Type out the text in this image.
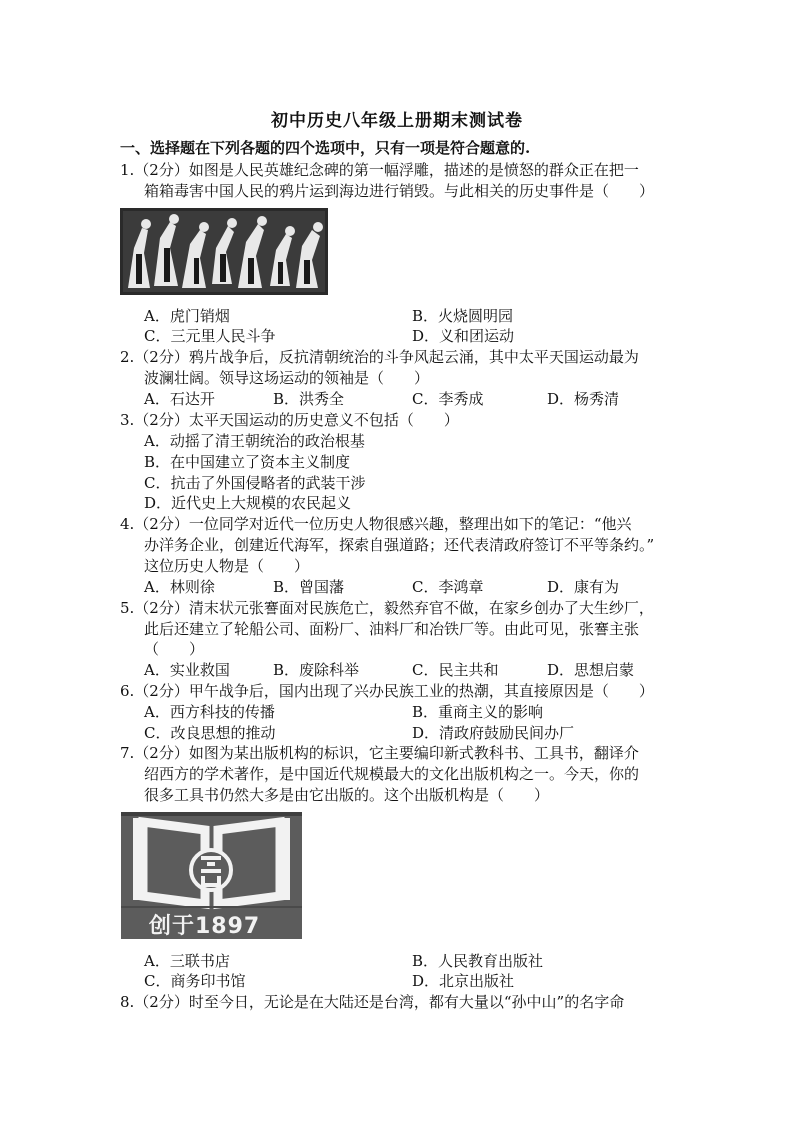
初中历史八年级上册期末测试卷
一、选择题在下列各题的四个选项中，只有一项是符合题意的.
1.（2分）如图是人民英雄纪念碑的第一幅浮雕，描述的是愤怒的群众正在把一
箱箱毒害中国人民的鸦片运到海边进行销毁。与此相关的历史事件是（　　）
A．虎门销烟	B．火烧圆明园
C．三元里人民斗争	D．义和团运动
2.（2分）鸦片战争后，反抗清朝统治的斗争风起云涌，其中太平天国运动最为
波澜壮阔。领导这场运动的领袖是（　　）
A．石达开	B．洪秀全	C．李秀成	D．杨秀清
3.（2分）太平天国运动的历史意义不包括（　　）
A．动摇了清王朝统治的政治根基
B．在中国建立了资本主义制度
C．抗击了外国侵略者的武装干涉
D．近代史上大规模的农民起义
4.（2分）一位同学对近代一位历史人物很感兴趣，整理出如下的笔记：“他兴
办洋务企业，创建近代海军，探索自强道路；还代表清政府签订不平等条约。”
这位历史人物是（　　）
A．林则徐	B．曾国藩	C．李鸿章	D．康有为
5.（2分）清末状元张謇面对民族危亡，毅然弃官不做，在家乡创办了大生纱厂，
此后还建立了轮船公司、面粉厂、油料厂和冶铁厂等。由此可见，张謇主张
（　　）
A．实业救国	B．废除科举	C．民主共和	D．思想启蒙
6.（2分）甲午战争后，国内出现了兴办民族工业的热潮，其直接原因是（　　）
A．西方科技的传播	B．重商主义的影响
C．改良思想的推动	D．清政府鼓励民间办厂
7.（2分）如图为某出版机构的标识，它主要编印新式教科书、工具书，翻译介
绍西方的学术著作，是中国近代规模最大的文化出版机构之一。今天，你的
很多工具书仍然大多是由它出版的。这个出版机构是（　　）
创于1897
A．三联书店	B．人民教育出版社
C．商务印书馆	D．北京出版社
8.（2分）时至今日，无论是在大陆还是台湾，都有大量以“孙中山”的名字命
